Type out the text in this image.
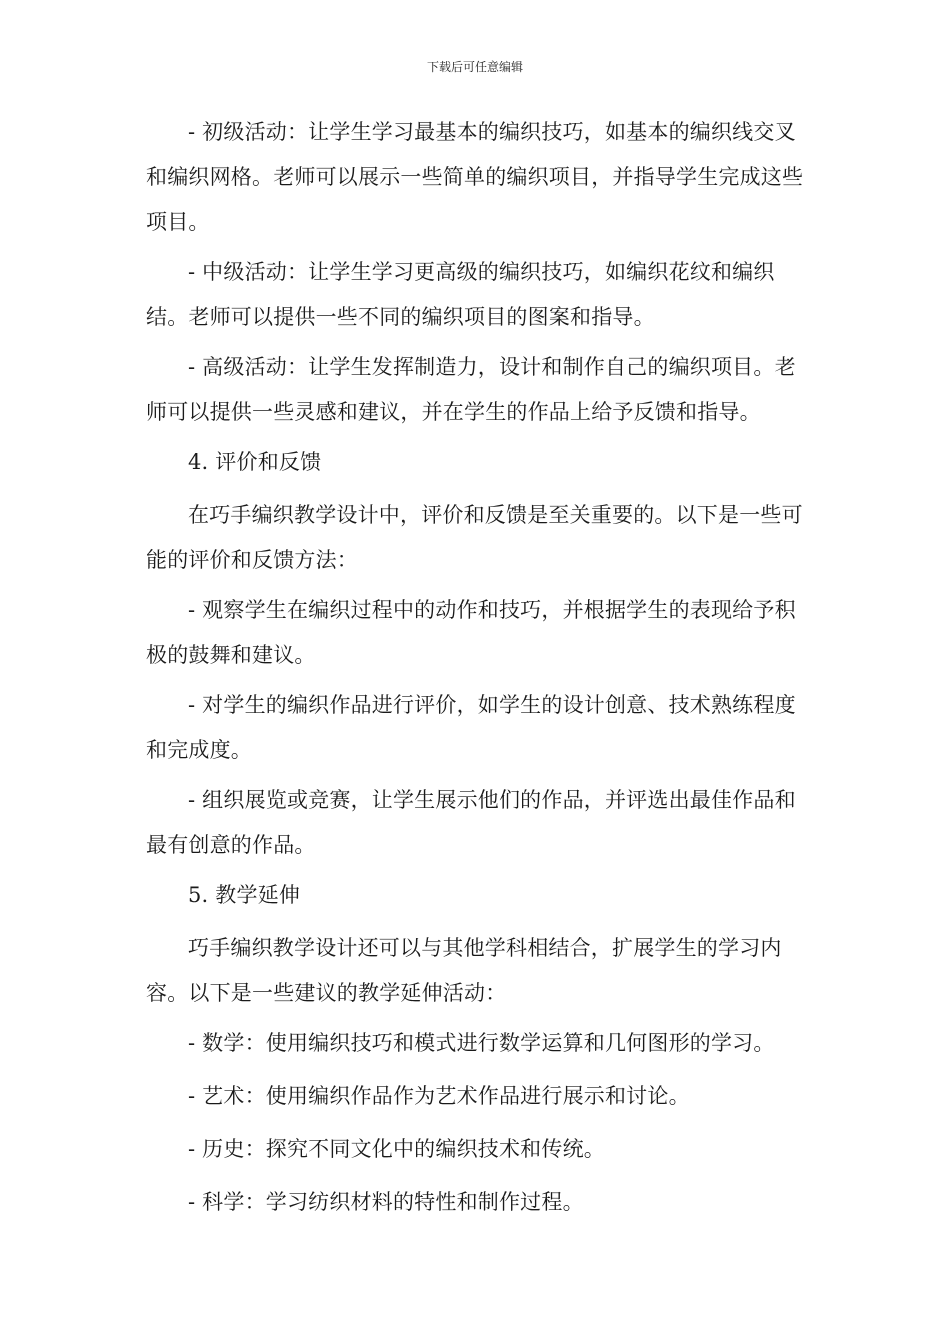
下载后可任意编辑

- 初级活动：让学生学习最基本的编织技巧，如基本的编织线交叉和编织网格。老师可以展示一些简单的编织项目，并指导学生完成这些项目。

- 中级活动：让学生学习更高级的编织技巧，如编织花纹和编织结。老师可以提供一些不同的编织项目的图案和指导。

- 高级活动：让学生发挥制造力，设计和制作自己的编织项目。老师可以提供一些灵感和建议，并在学生的作品上给予反馈和指导。

4. 评价和反馈

在巧手编织教学设计中，评价和反馈是至关重要的。以下是一些可能的评价和反馈方法：

- 观察学生在编织过程中的动作和技巧，并根据学生的表现给予积极的鼓舞和建议。

- 对学生的编织作品进行评价，如学生的设计创意、技术熟练程度和完成度。

- 组织展览或竞赛，让学生展示他们的作品，并评选出最佳作品和最有创意的作品。

5. 教学延伸

巧手编织教学设计还可以与其他学科相结合，扩展学生的学习内容。以下是一些建议的教学延伸活动：

- 数学：使用编织技巧和模式进行数学运算和几何图形的学习。

- 艺术：使用编织作品作为艺术作品进行展示和讨论。

- 历史：探究不同文化中的编织技术和传统。

- 科学：学习纺织材料的特性和制作过程。
